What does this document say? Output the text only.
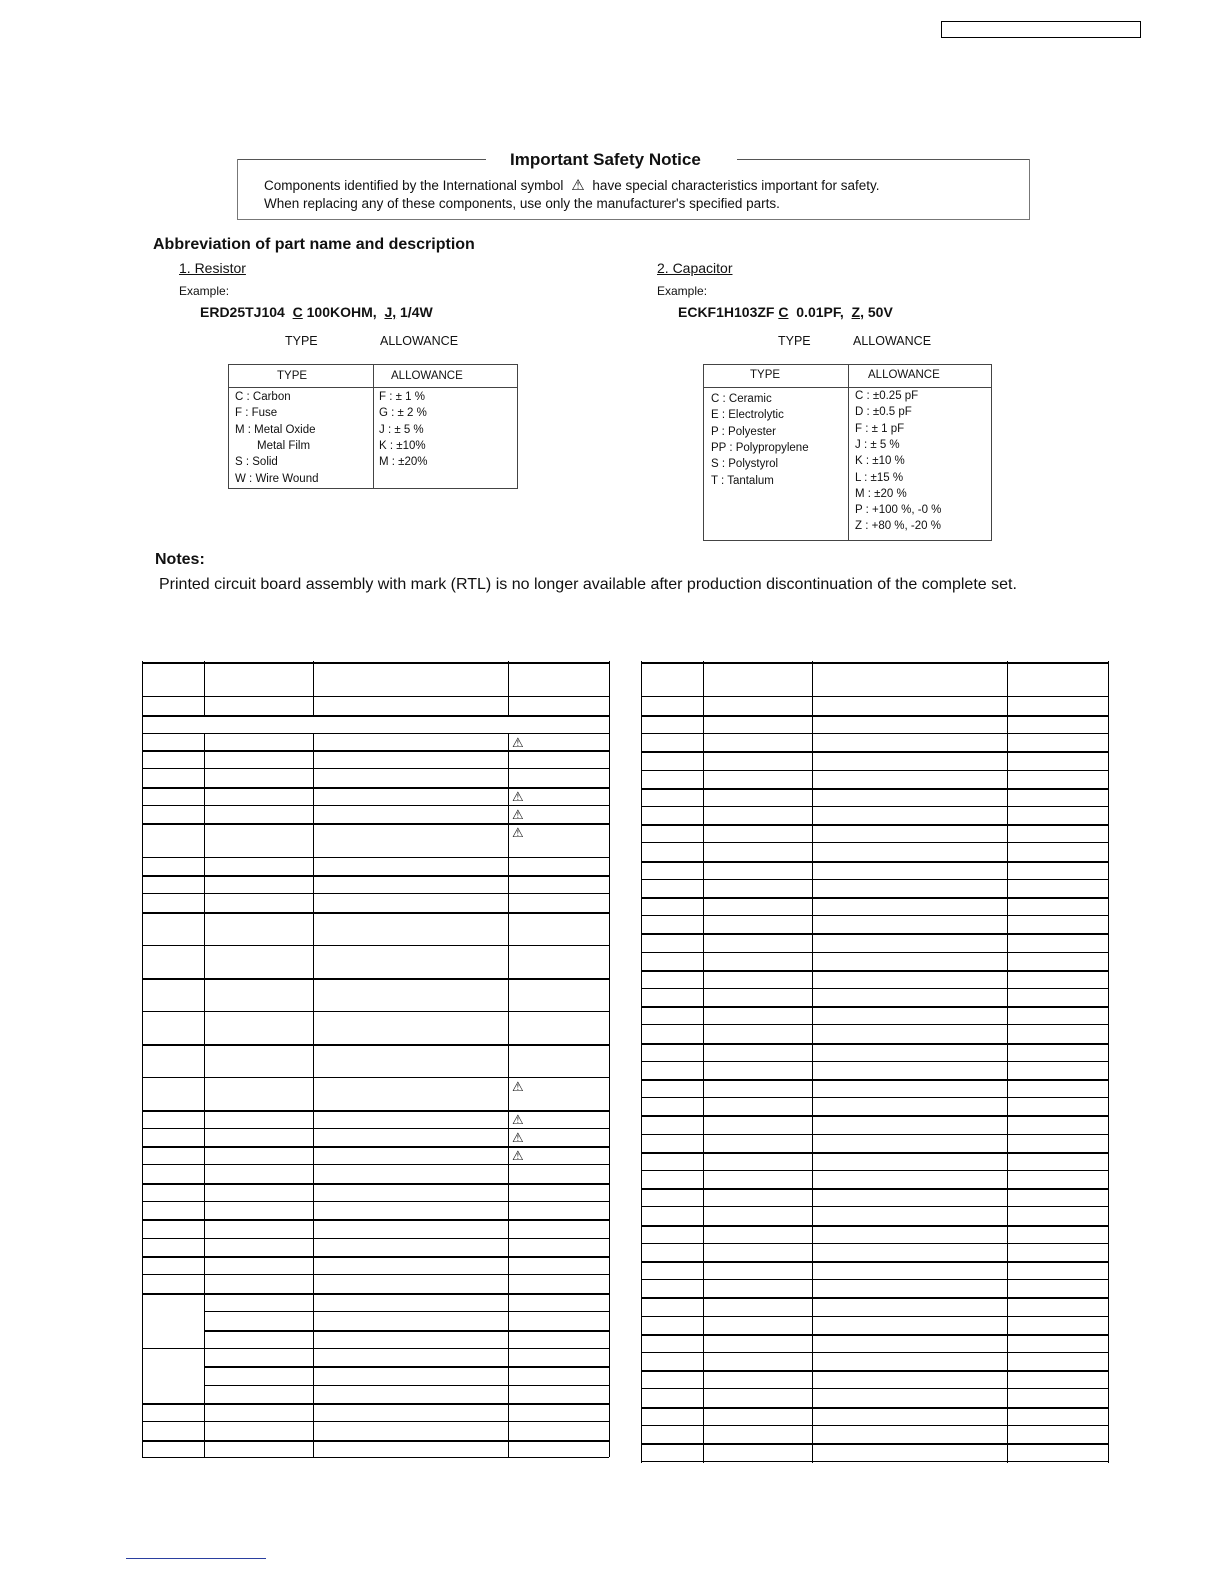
Components identified by the International symbol ⚠ have special characteristics important for safety.
When replacing any of these components, use only the manufacturer's specified parts.
Important Safety Notice
Abbreviation of part name and description
1. Resistor
Example:
ERD25TJ104 C 100KOHM, J, 1/4W
TYPE	ALLOWANCE
TYPE	ALLOWANCE
C : Carbon
F : Fuse
M : Metal Oxide
Metal Film
S : Solid
W : Wire Wound
F : ± 1 %
G : ± 2 %
J : ± 5 %
K : ±10%
M : ±20%
2. Capacitor
Example:
ECKF1H103ZF C 0.01PF, Z, 50V
TYPE	ALLOWANCE
TYPE	ALLOWANCE
C : Ceramic
E : Electrolytic
P : Polyester
PP : Polypropylene
S : Polystyrol
T : Tantalum
C : ±0.25 pF
D : ±0.5 pF
F : ± 1 pF
J : ± 5 %
K : ±10 %
L : ±15 %
M : ±20 %
P : +100 %, -0 %
Z : +80 %, -20 %
Notes:
Printed circuit board assembly with mark (RTL) is no longer available after production discontinuation of the complete set.
⚠
⚠
⚠
⚠
⚠
⚠
⚠
⚠
